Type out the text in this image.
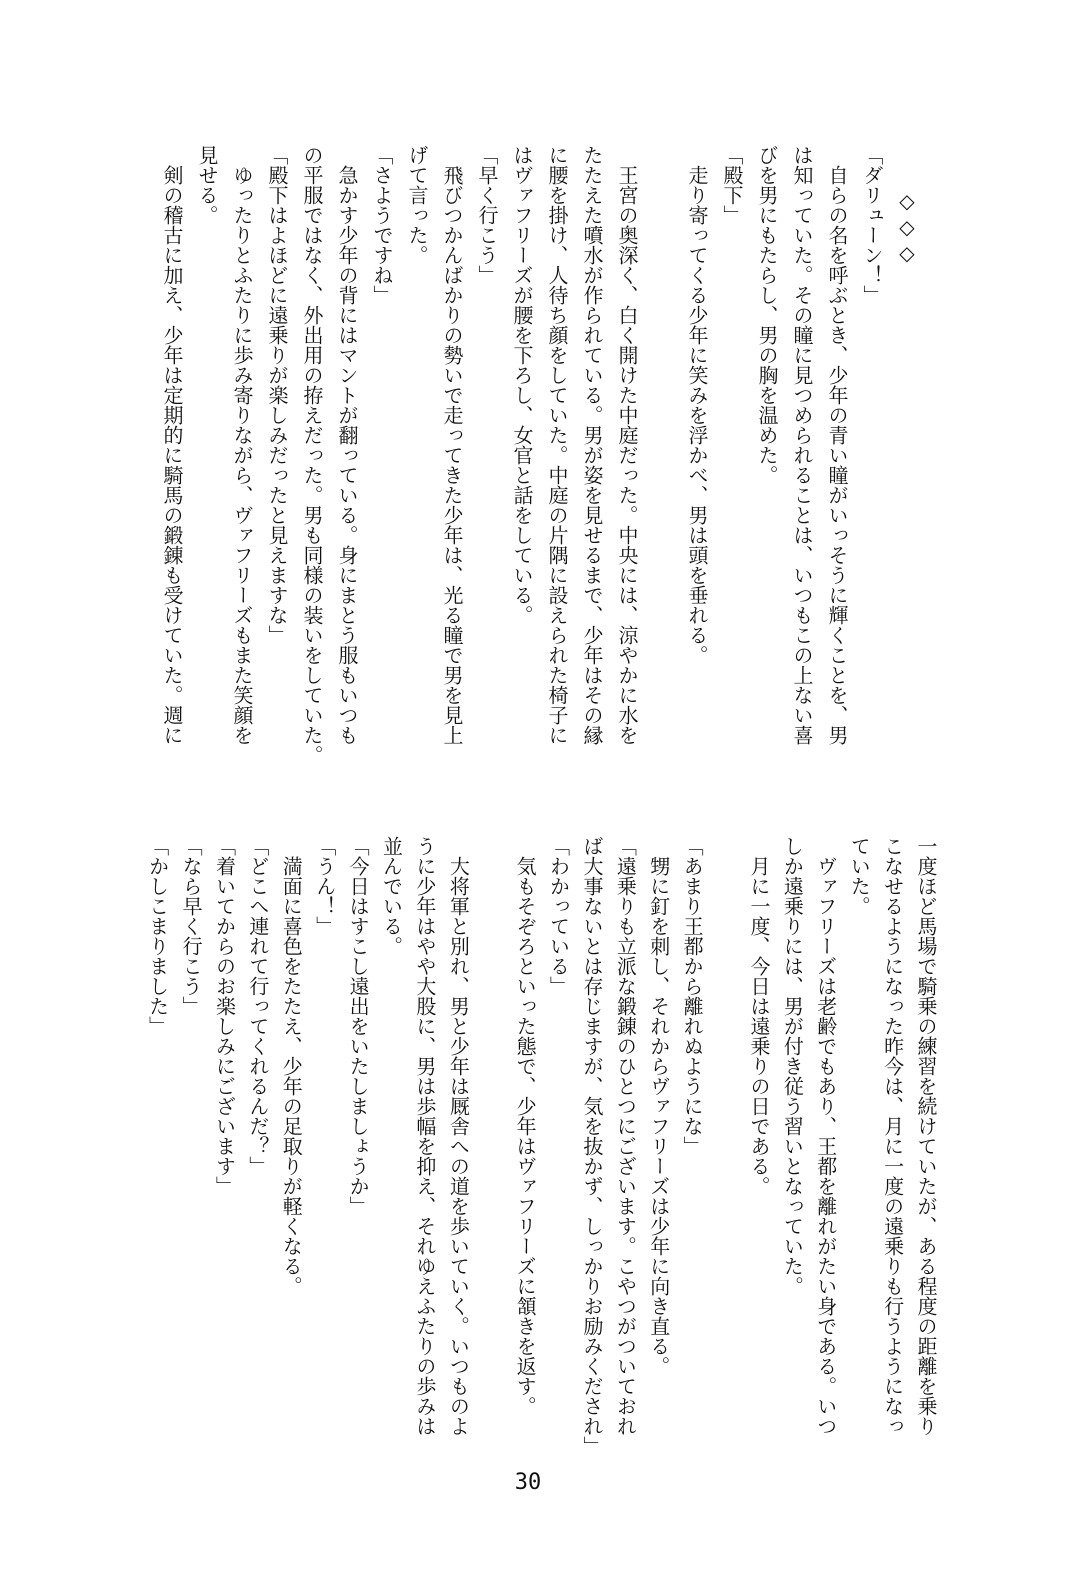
◇◇◇
「ダリューン！」
　自らの名を呼ぶとき、少年の青い瞳がいっそうに輝くことを、男
は知っていた。その瞳に見つめられることは、いつもこの上ない喜
びを男にもたらし、男の胸を温めた。
「殿下」
　走り寄ってくる少年に笑みを浮かべ、男は頭を垂れる。
　王宮の奥深く、白く開けた中庭だった。中央には、涼やかに水を
たたえた噴水が作られている。男が姿を見せるまで、少年はその縁
に腰を掛け、人待ち顔をしていた。中庭の片隅に設えられた椅子に
はヴァフリーズが腰を下ろし、女官と話をしている。
「早く行こう」
　飛びつかんばかりの勢いで走ってきた少年は、光る瞳で男を見上
げて言った。
「さようですね」
　急かす少年の背にはマントが翻っている。身にまとう服もいつも
の平服ではなく、外出用の拵えだった。男も同様の装いをしていた。
「殿下はよほどに遠乗りが楽しみだったと見えますな」
　ゆったりとふたりに歩み寄りながら、ヴァフリーズもまた笑顔を
見せる。
　剣の稽古に加え、少年は定期的に騎馬の鍛錬も受けていた。週に
一度ほど馬場で騎乗の練習を続けていたが、ある程度の距離を乗り
こなせるようになった昨今は、月に一度の遠乗りも行うようになっ
ていた。
　ヴァフリーズは老齢でもあり、王都を離れがたい身である。いつ
しか遠乗りには、男が付き従う習いとなっていた。
　月に一度、今日は遠乗りの日である。
「あまり王都から離れぬようにな」
　甥に釘を刺し、それからヴァフリーズは少年に向き直る。
「遠乗りも立派な鍛錬のひとつにございます。こやつがついておれ
ば大事ないとは存じますが、気を抜かず、しっかりお励みくだされ」
「わかっている」
　気もそぞろといった態で、少年はヴァフリーズに頷きを返す。
　大将軍と別れ、男と少年は厩舎への道を歩いていく。いつものよ
うに少年はやや大股に、男は歩幅を抑え、それゆえふたりの歩みは
並んでいる。
「今日はすこし遠出をいたしましょうか」
「うん！」
　満面に喜色をたたえ、少年の足取りが軽くなる。
「どこへ連れて行ってくれるんだ？」
「着いてからのお楽しみにございます」
「なら早く行こう」
「かしこまりました」
30
